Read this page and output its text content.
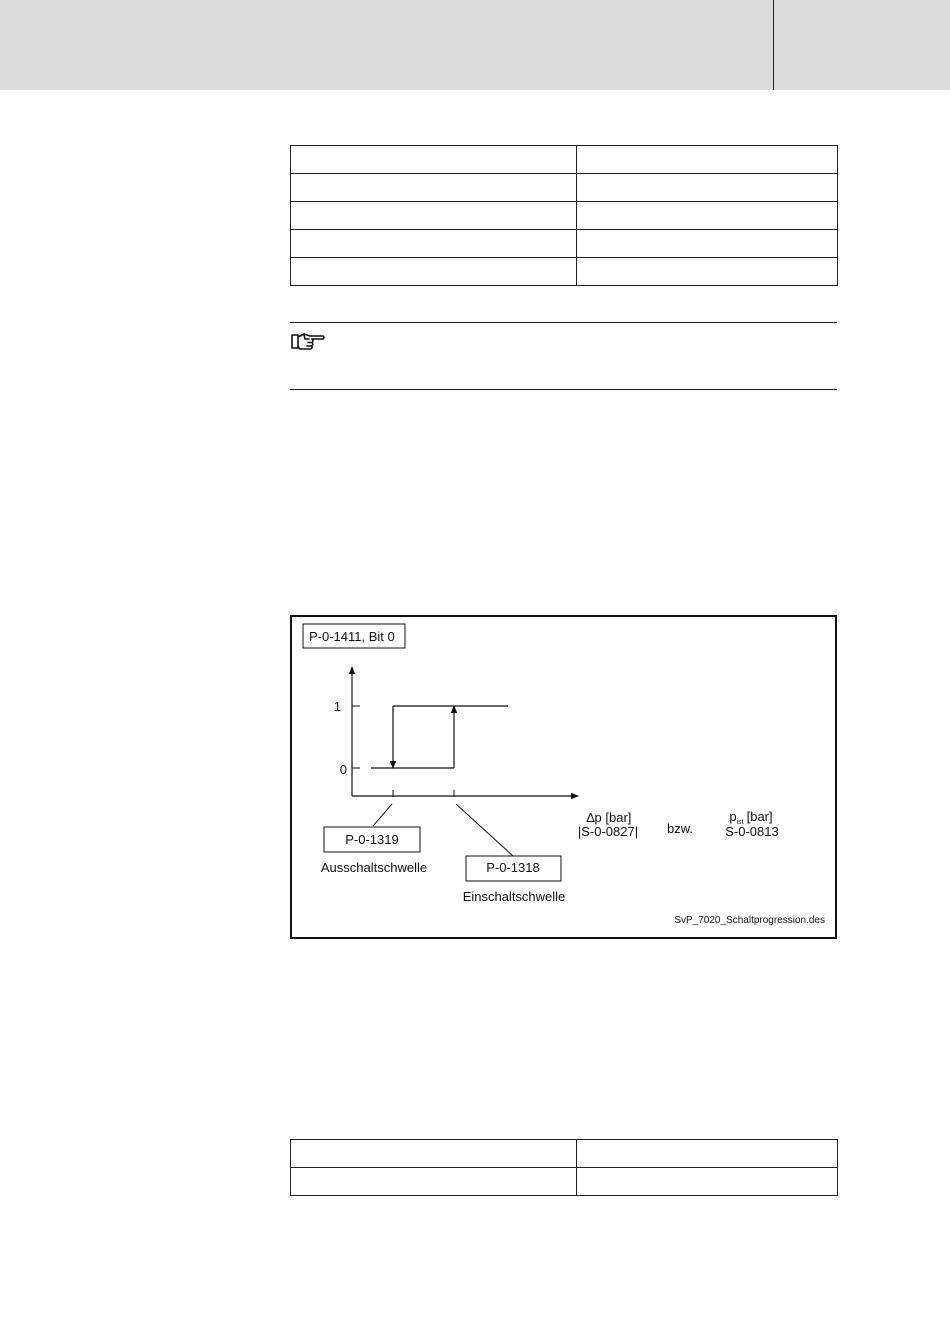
P-0-1411, Bit 0
1
0
P-0-1319
Ausschaltschwelle	P-0-1318
Einschaltschwelle
∆p [bar]
|S-0-0827| bzw.
$p_{ist}$ [bar]
S-0-0813
SvP_7020_Schaltprogression.des
